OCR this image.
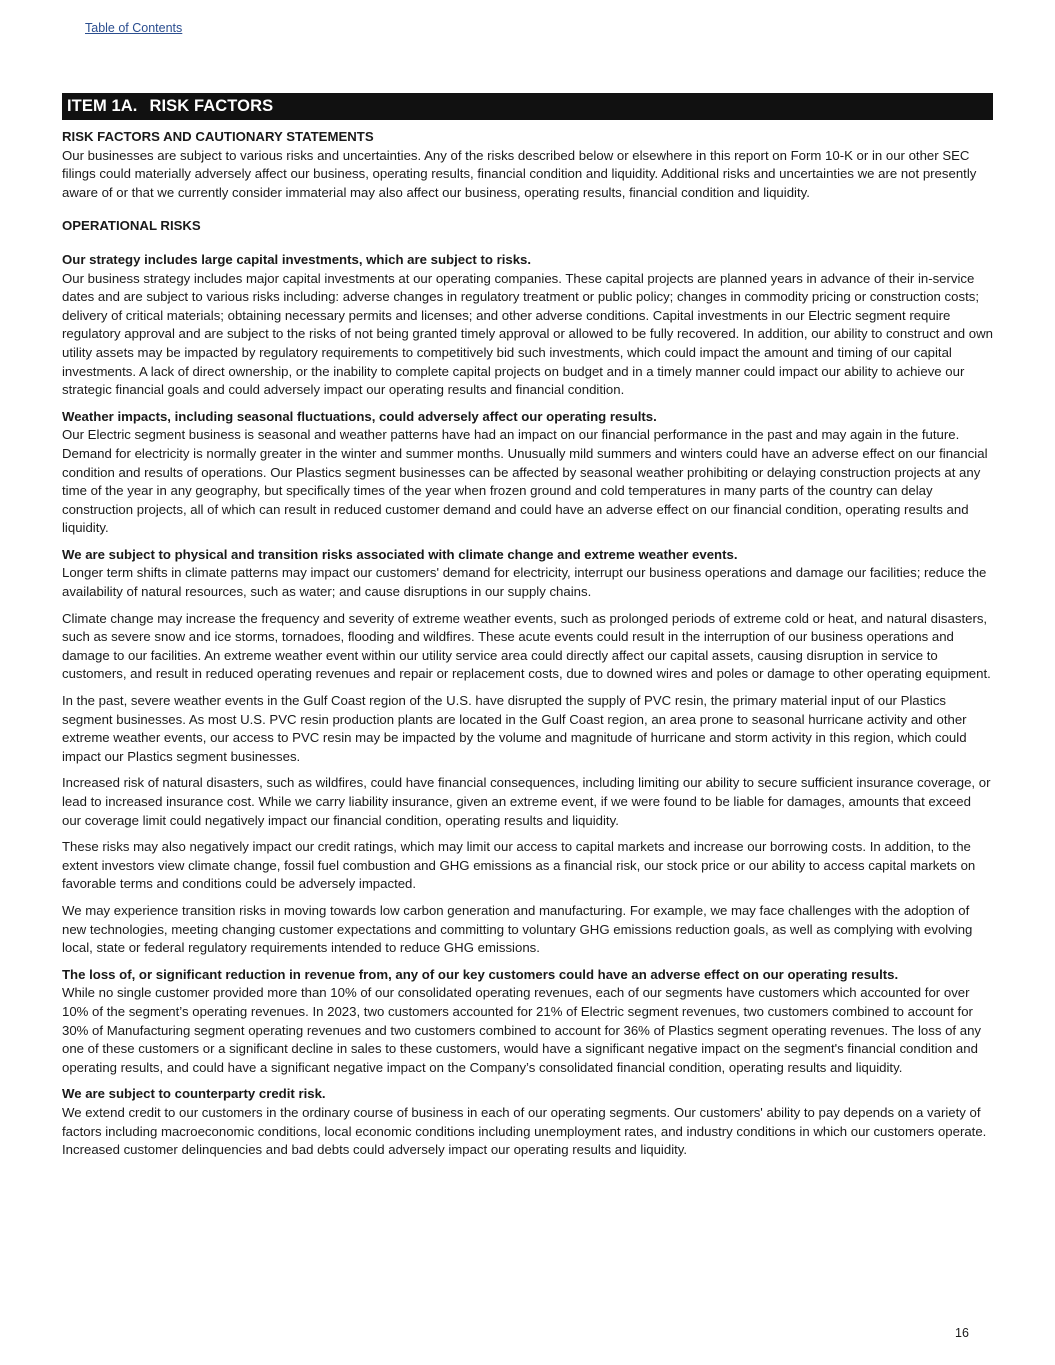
Table of Contents
ITEM 1A. RISK FACTORS

RISK FACTORS AND CAUTIONARY STATEMENTS
Our businesses are subject to various risks and uncertainties. Any of the risks described below or elsewhere in this report on Form 10-K or in our other SEC filings could materially adversely affect our business, operating results, financial condition and liquidity. Additional risks and uncertainties we are not presently aware of or that we currently consider immaterial may also affect our business, operating results, financial condition and liquidity.

OPERATIONAL RISKS

Our strategy includes large capital investments, which are subject to risks.
Our business strategy includes major capital investments at our operating companies. These capital projects are planned years in advance of their in-service dates and are subject to various risks including: adverse changes in regulatory treatment or public policy; changes in commodity pricing or construction costs; delivery of critical materials; obtaining necessary permits and licenses; and other adverse conditions. Capital investments in our Electric segment require regulatory approval and are subject to the risks of not being granted timely approval or allowed to be fully recovered. In addition, our ability to construct and own utility assets may be impacted by regulatory requirements to competitively bid such investments, which could impact the amount and timing of our capital investments. A lack of direct ownership, or the inability to complete capital projects on budget and in a timely manner could impact our ability to achieve our strategic financial goals and could adversely impact our operating results and financial condition.

Weather impacts, including seasonal fluctuations, could adversely affect our operating results.
Our Electric segment business is seasonal and weather patterns have had an impact on our financial performance in the past and may again in the future. Demand for electricity is normally greater in the winter and summer months. Unusually mild summers and winters could have an adverse effect on our financial condition and results of operations. Our Plastics segment businesses can be affected by seasonal weather prohibiting or delaying construction projects at any time of the year in any geography, but specifically times of the year when frozen ground and cold temperatures in many parts of the country can delay construction projects, all of which can result in reduced customer demand and could have an adverse effect on our financial condition, operating results and liquidity.

We are subject to physical and transition risks associated with climate change and extreme weather events.
Longer term shifts in climate patterns may impact our customers' demand for electricity, interrupt our business operations and damage our facilities; reduce the availability of natural resources, such as water; and cause disruptions in our supply chains.

Climate change may increase the frequency and severity of extreme weather events, such as prolonged periods of extreme cold or heat, and natural disasters, such as severe snow and ice storms, tornadoes, flooding and wildfires. These acute events could result in the interruption of our business operations and damage to our facilities. An extreme weather event within our utility service area could directly affect our capital assets, causing disruption in service to customers, and result in reduced operating revenues and repair or replacement costs, due to downed wires and poles or damage to other operating equipment.

In the past, severe weather events in the Gulf Coast region of the U.S. have disrupted the supply of PVC resin, the primary material input of our Plastics segment businesses. As most U.S. PVC resin production plants are located in the Gulf Coast region, an area prone to seasonal hurricane activity and other extreme weather events, our access to PVC resin may be impacted by the volume and magnitude of hurricane and storm activity in this region, which could impact our Plastics segment businesses.

Increased risk of natural disasters, such as wildfires, could have financial consequences, including limiting our ability to secure sufficient insurance coverage, or lead to increased insurance cost. While we carry liability insurance, given an extreme event, if we were found to be liable for damages, amounts that exceed our coverage limit could negatively impact our financial condition, operating results and liquidity.

These risks may also negatively impact our credit ratings, which may limit our access to capital markets and increase our borrowing costs. In addition, to the extent investors view climate change, fossil fuel combustion and GHG emissions as a financial risk, our stock price or our ability to access capital markets on favorable terms and conditions could be adversely impacted.

We may experience transition risks in moving towards low carbon generation and manufacturing. For example, we may face challenges with the adoption of new technologies, meeting changing customer expectations and committing to voluntary GHG emissions reduction goals, as well as complying with evolving local, state or federal regulatory requirements intended to reduce GHG emissions.

The loss of, or significant reduction in revenue from, any of our key customers could have an adverse effect on our operating results.
While no single customer provided more than 10% of our consolidated operating revenues, each of our segments have customers which accounted for over 10% of the segment’s operating revenues. In 2023, two customers accounted for 21% of Electric segment revenues, two customers combined to account for 30% of Manufacturing segment operating revenues and two customers combined to account for 36% of Plastics segment operating revenues. The loss of any one of these customers or a significant decline in sales to these customers, would have a significant negative impact on the segment's financial condition and operating results, and could have a significant negative impact on the Company’s consolidated financial condition, operating results and liquidity.

We are subject to counterparty credit risk.
We extend credit to our customers in the ordinary course of business in each of our operating segments. Our customers' ability to pay depends on a variety of factors including macroeconomic conditions, local economic conditions including unemployment rates, and industry conditions in which our customers operate. Increased customer delinquencies and bad debts could adversely impact our operating results and liquidity.

16
